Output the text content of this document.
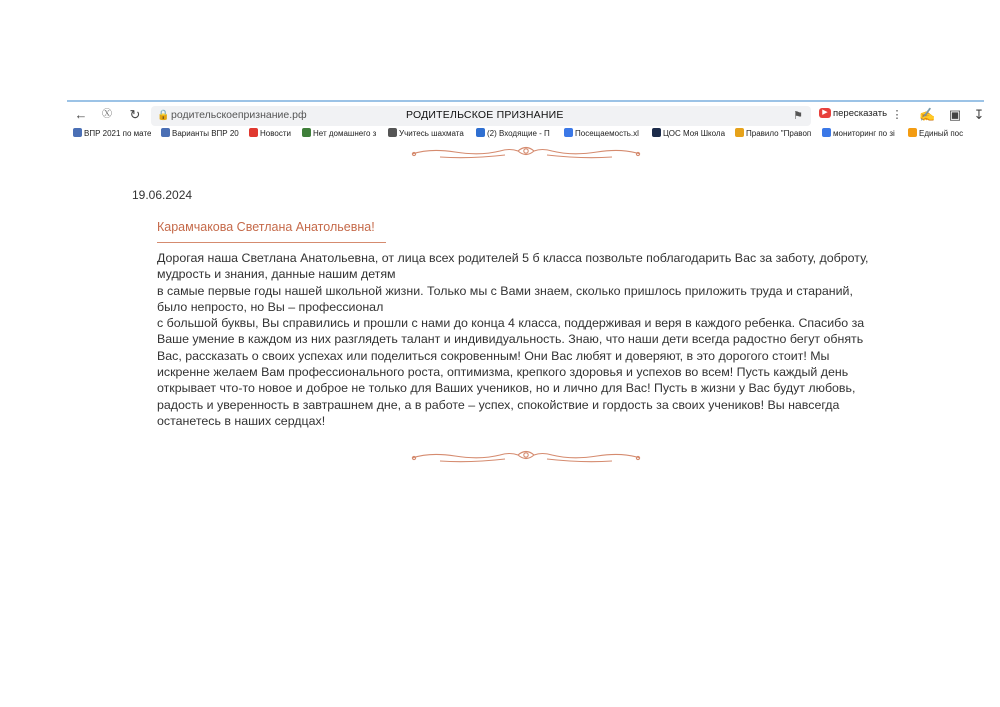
←	Ⓧ ↻ 🔒 родительскоепризнание.рф	РОДИТЕЛЬСКОЕ ПРИЗНАНИЕ	⚑	▶ пересказать ⋮ ✍ ▣ ↧
ВПР 2021 по мате	Варианты ВПР 20	Новости	Нет домашнего з	Учитесь шахмата	(2) Входящие - П	Посещаемость.xl	ЦОС Моя Школа	Правило "Правоп	мониторинг по зі	Единый пос
19.06.2024
Карамчакова Светлана Анатольевна!
Дорогая наша Светлана Анатольевна, от лица всех родителей 5 б класса позвольте поблагодарить Вас за заботу, доброту,
мудрость и знания, данные нашим детям
в самые первые годы нашей школьной жизни. Только мы с Вами знаем, сколько пришлось приложить труда и стараний,
было непросто, но Вы – профессионал
с большой буквы, Вы справились и прошли с нами до конца 4 класса, поддерживая и веря в каждого ребенка. Спасибо за
Ваше умение в каждом из них разглядеть талант и индивидуальность. Знаю, что наши дети всегда радостно бегут обнять
Вас, рассказать о своих успехах или поделиться сокровенным! Они Вас любят и доверяют, в это дорогого стоит! Мы
искренне желаем Вам профессионального роста, оптимизма, крепкого здоровья и успехов во всем! Пусть каждый день
открывает что-то новое и доброе не только для Ваших учеников, но и лично для Вас! Пусть в жизни у Вас будут любовь,
радость и уверенность в завтрашнем дне, а в работе – успех, спокойствие и гордость за своих учеников! Вы навсегда
останетесь в наших сердцах!
